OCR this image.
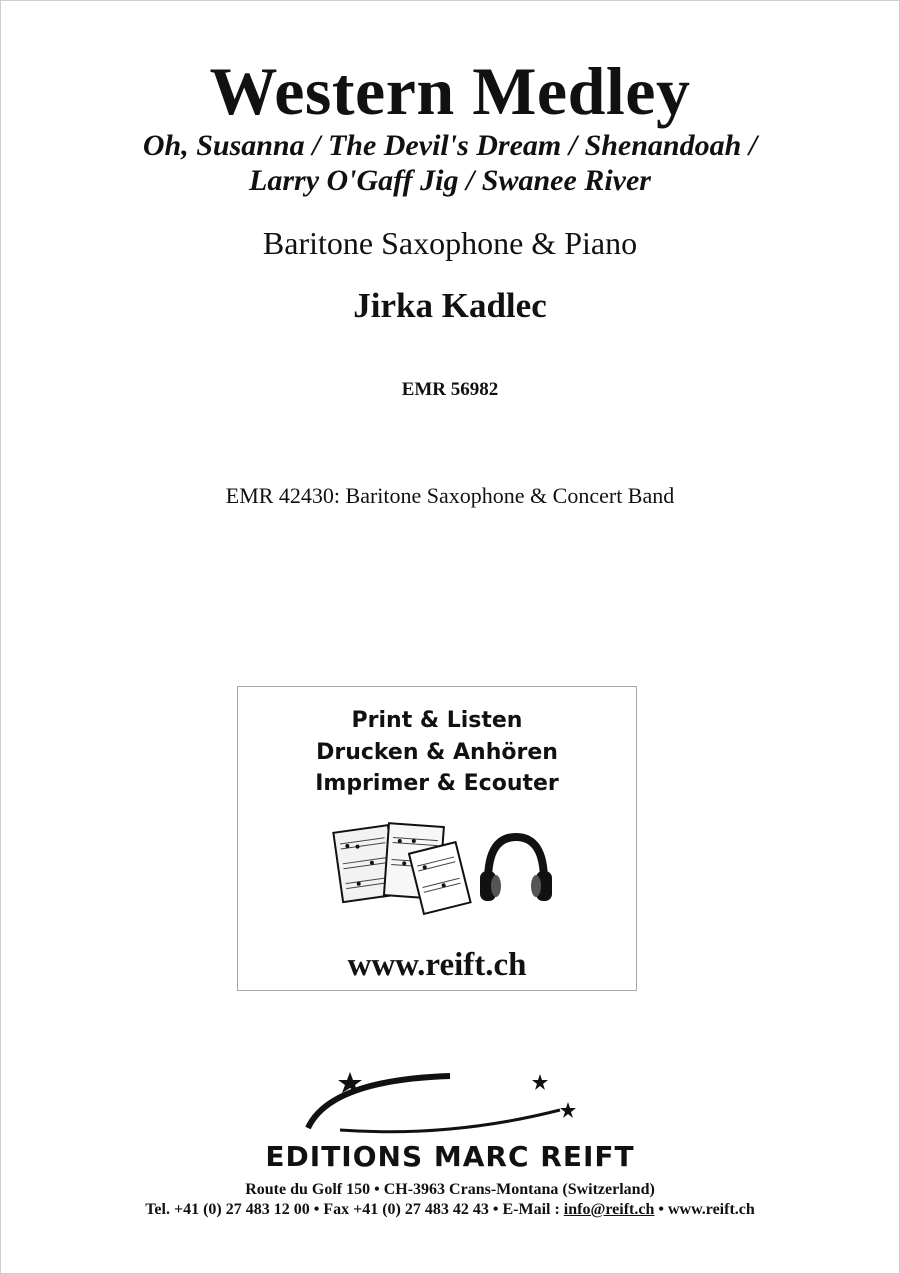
Western Medley
Oh, Susanna / The Devil's Dream / Shenandoah /
Larry O'Gaff Jig / Swanee River
Baritone Saxophone & Piano
Jirka Kadlec
EMR 56982
EMR 42430: Baritone Saxophone & Concert Band
Print & Listen
Drucken & Anhören
Imprimer & Ecouter
www.reift.ch
EDITIONS MARC REIFT
Route du Golf 150 • CH-3963 Crans-Montana (Switzerland)
Tel. +41 (0) 27 483 12 00 • Fax +41 (0) 27 483 42 43 • E-Mail : info@reift.ch • www.reift.ch
